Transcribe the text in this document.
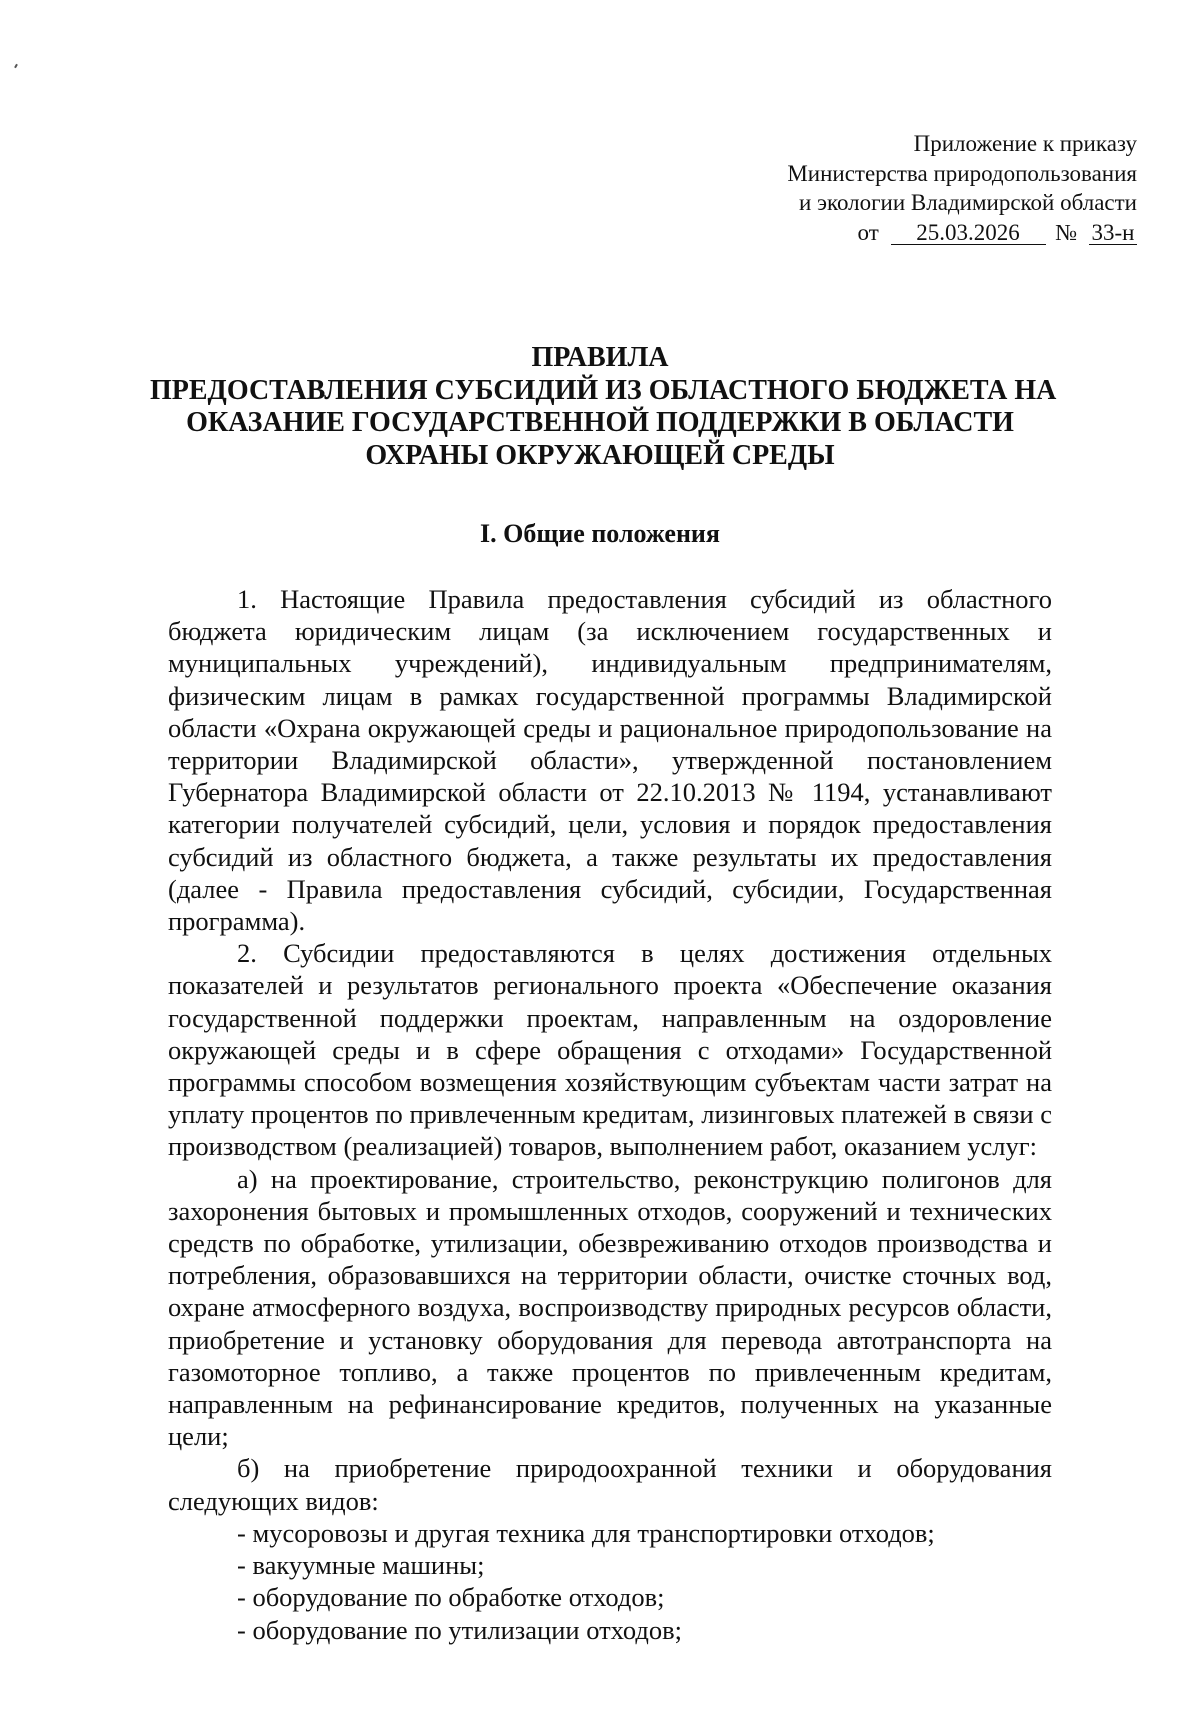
Приложение к приказу
Министерства природопользования
и экологии Владимирской области
от 25.03.2026 № 33-н
ПРАВИЛА
ПРЕДОСТАВЛЕНИЯ СУБСИДИЙ ИЗ ОБЛАСТНОГО БЮДЖЕТА НА
ОКАЗАНИЕ ГОСУДАРСТВЕННОЙ ПОДДЕРЖКИ В ОБЛАСТИ
ОХРАНЫ ОКРУЖАЮЩЕЙ СРЕДЫ
I. Общие положения

1. Настоящие Правила предоставления субсидий из областного бюджета юридическим лицам (за исключением государственных и муниципальных учреждений), индивидуальным предпринимателям, физическим лицам в рамках государственной программы Владимирской области «Охрана окружающей среды и рациональное природопользование на территории Владимирской области», утвержденной постановлением Губернатора Владимирской области от 22.10.2013 № 1194, устанавливают категории получателей субсидий, цели, условия и порядок предоставления субсидий из областного бюджета, а также результаты их предоставления (далее - Правила предоставления субсидий, субсидии, Государственная программа).

2. Субсидии предоставляются в целях достижения отдельных показателей и результатов регионального проекта «Обеспечение оказания государственной поддержки проектам, направленным на оздоровление окружающей среды и в сфере обращения с отходами» Государственной программы способом возмещения хозяйствующим субъектам части затрат на уплату процентов по привлеченным кредитам, лизинговых платежей в связи с производством (реализацией) товаров, выполнением работ, оказанием услуг:

а) на проектирование, строительство, реконструкцию полигонов для захоронения бытовых и промышленных отходов, сооружений и технических средств по обработке, утилизации, обезвреживанию отходов производства и потребления, образовавшихся на территории области, очистке сточных вод, охране атмосферного воздуха, воспроизводству природных ресурсов области, приобретение и установку оборудования для перевода автотранспорта на газомоторное топливо, а также процентов по привлеченным кредитам, направленным на рефинансирование кредитов, полученных на указанные цели;

б) на приобретение природоохранной техники и оборудования следующих видов:

- мусоровозы и другая техника для транспортировки отходов;
- вакуумные машины;
- оборудование по обработке отходов;
- оборудование по утилизации отходов;
